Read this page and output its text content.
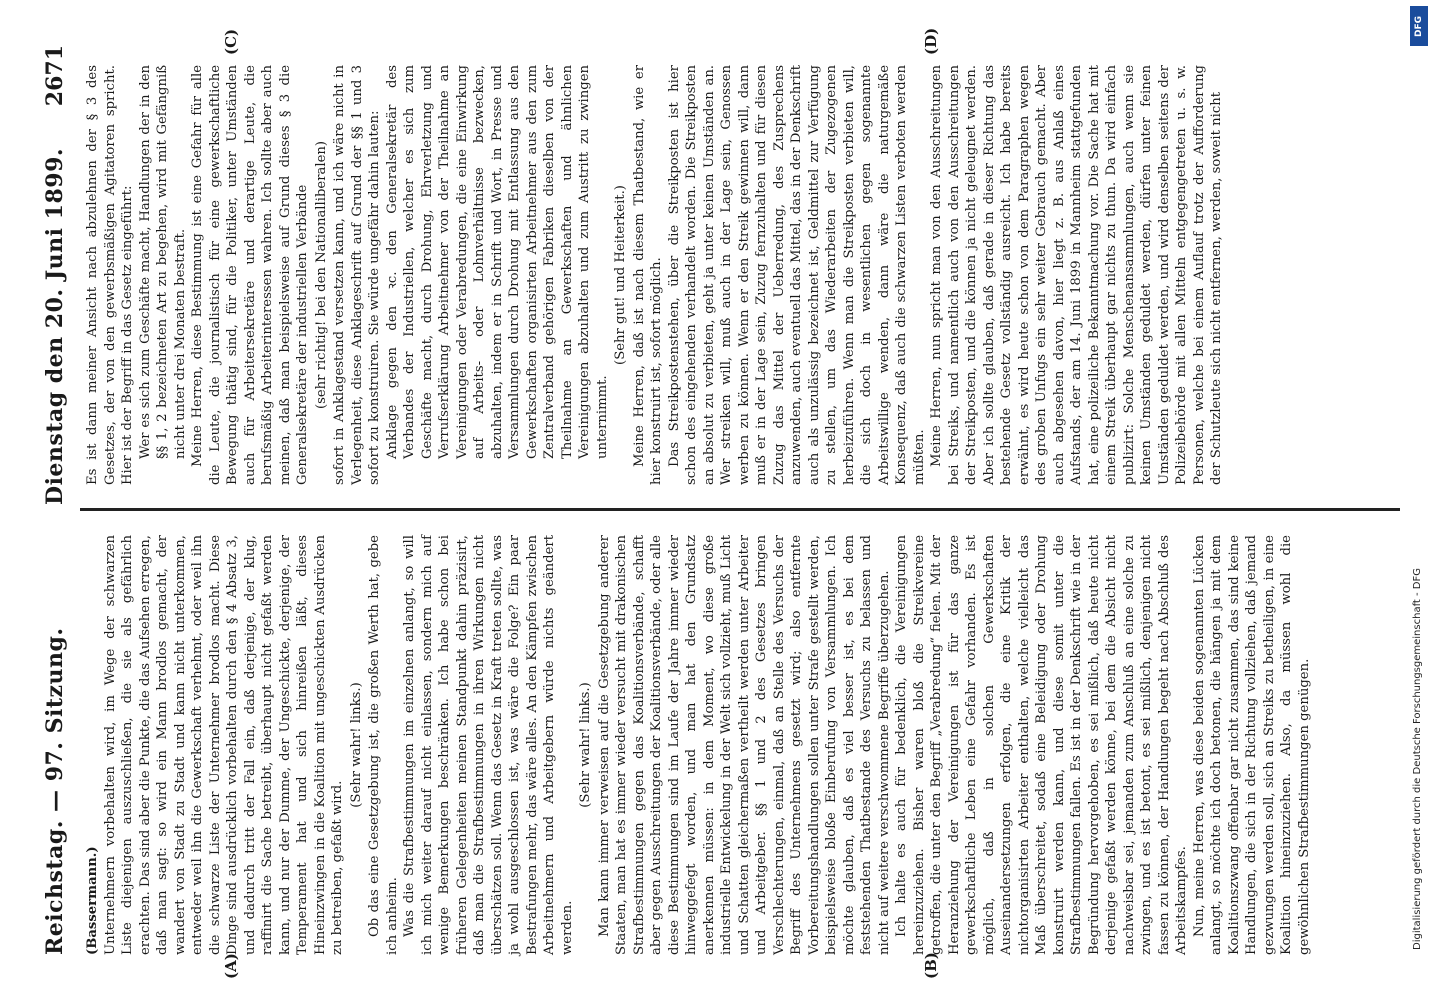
Reichstag. — 97. Sitzung.
Dienstag den 20. Juni 1899.
2671
(A)	(B)
(C)	(D)

(Bassermann.) Unternehmern vorbehalten wird, im Wege der schwarzen Liste diejenigen auszuschließen, die sie als gefährlich erachten. Das sind aber die Punkte, die das Aufsehen erregen, daß man sagt: so wird ein Mann brodlos gemacht, der wandert von Stadt zu Stadt und kann nicht unterkommen, entweder weil ihn die Gewerkschaft verhehmt, oder weil ihn die schwarze Liste der Unternehmer brodlos macht. Diese Dinge sind ausdrücklich vorbehalten durch den § 4 Absatz 3, und dadurch tritt der Fall ein, daß derjenige, der klug, raffinirt die Sache betreibt, überhaupt nicht gefaßt werden kann, und nur der Dumme, der Ungeschickte, derjenige, der Temperament hat und sich hinreißen läßt, dieses Hineinzwingen in die Koalition mit ungeschickten Ausdrücken zu betreiben, gefaßt wird.

(Sehr wahr! links.) Ob das eine Gesetzgebung ist, die großen Werth hat, gebe ich anheim. Was die Strafbestimmungen im einzelnen anlangt, so will ich mich weiter darauf nicht einlassen, sondern mich auf wenige Bemerkungen beschränken. Ich habe schon bei früheren Gelegenheiten meinen Standpunkt dahin präzisirt, daß man die Strafbestimmungen in ihren Wirkungen nicht überschätzen soll. Wenn das Gesetz in Kraft treten sollte, was ja wohl ausgeschlossen ist, was wäre die Folge? Ein paar Bestrafungen mehr, das wäre alles. An den Kämpfen zwischen Arbeitnehmern und Arbeitgebern würde nichts geändert werden.

(Sehr wahr! links.) Man kann immer verweisen auf die Gesetzgebung anderer Staaten, man hat es immer wieder versucht mit drakonischen Strafbestimmungen gegen das Koalitionsverbände, schafft aber gegen Ausschreitungen der Koalitionsverbände, oder alle diese Bestimmungen sind im Laufe der Jahre immer wieder hinweggefegt worden, und man hat den Grundsatz anerkennen müssen: in dem Moment, wo diese große industrielle Entwickelung in der Welt sich vollzieht, muß Licht und Schatten gleichermaßen vertheilt werden unter Arbeiter und Arbeitgeber. §§ 1 und 2 des Gesetzes bringen Verschlechterungen, einmal, daß an Stelle des Versuchs der Begriff des Unternehmens gesetzt wird; also entfernte Vorbereitungshandlungen sollen unter Strafe gestellt werden, beispielsweise bloße Einberufung von Versammlungen. Ich möchte glauben, daß es viel besser ist, es bei dem feststehenden Thatbestande des Versuchs zu belassen und nicht auf weitere verschwommene Begriffe überzugehen. Ich halte es auch für bedenklich, die Vereinigungen hereinzuziehen. Bisher waren bloß die Streikvereine getroffen, die unter den Begriff „Verabredung“ fielen. Mit der Heranziehung der Vereinigungen ist für das ganze gewerkschaftliche Leben eine Gefahr vorhanden. Es ist möglich, daß in solchen Gewerkschaften Auseinandersetzungen erfolgen, die eine Kritik der nichtorganisirten Arbeiter enthalten, welche vielleicht das Maß überschreitet, sodaß eine Beleidigung oder Drohung konstruirt werden kann, und diese somit unter die Strafbestimmungen fallen. Es ist in der Denkschrift wie in der Begründung hervorgehoben, es sei mißlich, daß heute nicht derjenige gefaßt werden könne, bei dem die Absicht nicht nachweisbar sei, jemanden zum Anschluß an eine solche zu zwingen, und es ist betont, es sei mißlich, denjenigen nicht fassen zu können, der Handlungen begeht nach Abschluß des Arbeitskampfes. Nun, meine Herren, was diese beiden sogenannten Lücken anlangt, so möchte ich doch betonen, die hängen ja mit dem Koalitionszwang offenbar gar nicht zusammen, das sind keine Handlungen, die sich in der Richtung vollziehen, daß jemand gezwungen werden soll, sich an Streiks zu betheiligen, in eine Koalition hineinzuziehen. Also, da müssen wohl die gewöhnlichen Strafbestimmungen genügen.

Es ist dann meiner Ansicht nach abzulehnen der § 3 des Gesetzes, der von den gewerbsmäßigen Agitatoren spricht. Hier ist der Begriff in das Gesetz eingeführt: Wer es sich zum Geschäfte macht, Handlungen der in den §§ 1, 2 bezeichneten Art zu begehen, wird mit Gefängniß nicht unter drei Monaten bestraft. Meine Herren, diese Bestimmung ist eine Gefahr für alle die Leute, die journalistisch für eine gewerkschaftliche Bewegung thätig sind, für die Politiker, unter Umständen auch für Arbeitersekretäre und derartige Leute, die berufsmäßig Arbeiterinteressen wahren. Ich sollte aber auch meinen, daß man beispielsweise auf Grund dieses § 3 die Generalsekretäre der industriellen Verbände (sehr richtig! bei den Nationalliberalen) sofort in Anklagestand versetzen kann, und ich wäre nicht in Verlegenheit, diese Anklageschrift auf Grund der §§ 1 und 3 sofort zu konstruiren. Sie würde ungefähr dahin lauten: Anklage gegen den ꝛc. den Generalsekretär des Verbandes der Industriellen, welcher es sich zum Geschäfte macht, durch Drohung, Ehrverletzung und Verrufserklärung Arbeitnehmer von der Theilnahme an Vereinigungen oder Verabredungen, die eine Einwirkung auf Arbeits- oder Lohnverhältnisse bezwecken, abzuhalten, indem er in Schrift und Wort, in Presse und Versammlungen durch Drohung mit Entlassung aus den Gewerkschaften organisirten Arbeitnehmer aus den zum Zentralverband gehörigen Fabriken dieselben von der Theilnahme an Gewerkschaften und ähnlichen Vereinigungen abzuhalten und zum Austritt zu zwingen unternimmt.

(Sehr gut! und Heiterkeit.) Meine Herren, daß ist nach diesem Thatbestand, wie er hier konstruirt ist, sofort möglich. Das Streikpostenstehen, über die Streikposten ist hier schon des eingehenden verhandelt worden. Die Streikposten an absolut zu verbieten, geht ja unter keinen Umständen an. Wer streiken will, muß auch in der Lage sein, Genossen werben zu können. Wenn er den Streik gewinnen will, dann muß er in der Lage sein, Zuzug fernzuhalten und für diesen Zuzug das Mittel der Ueberredung, des Zusprechens anzuwenden, auch eventuell das Mittel, das in der Denkschrift auch als unzulässig bezeichnet ist, Geldmittel zur Verfügung zu stellen, um das Wiederarbeiten der Zugezogenen herbeizuführen. Wenn man die Streikposten verbieten will, die sich doch in wesentlichen gegen sogenannte Arbeitswillige wenden, dann wäre die naturgemäße Konsequenz, daß auch die schwarzen Listen verboten werden müßten. Meine Herren, nun spricht man von den Ausschreitungen bei Streiks, und namentlich auch von den Ausschreitungen der Streikposten, und die können ja nicht geleugnet werden. Aber ich sollte glauben, daß gerade in dieser Richtung das bestehende Gesetz vollständig ausreicht. Ich habe bereits erwähnt, es wird heute schon von dem Paragraphen wegen des groben Unfugs ein sehr weiter Gebrauch gemacht. Aber auch abgesehen davon, hier liegt z. B. aus Anlaß eines Aufstands, der am 14. Juni 1899 in Mannheim stattgefunden hat, eine polizeiliche Bekanntmachung vor. Die Sache hat mit einem Streik überhaupt gar nichts zu thun. Da wird einfach publizirt: Solche Menschenansammlungen, auch wenn sie keinen Umständen geduldet werden, dürfen unter feinen Umständen geduldet werden, und wird denselben seitens der Polizeibehörde mit allen Mitteln entgegengetreten u. s. w. Personen, welche bei einem Auflauf trotz der Aufforderung der Schutzleute sich nicht entfernen, werden, soweit nicht

DFG
Digitalisierung gefördert durch die Deutsche Forschungsgemeinschaft - DFG
